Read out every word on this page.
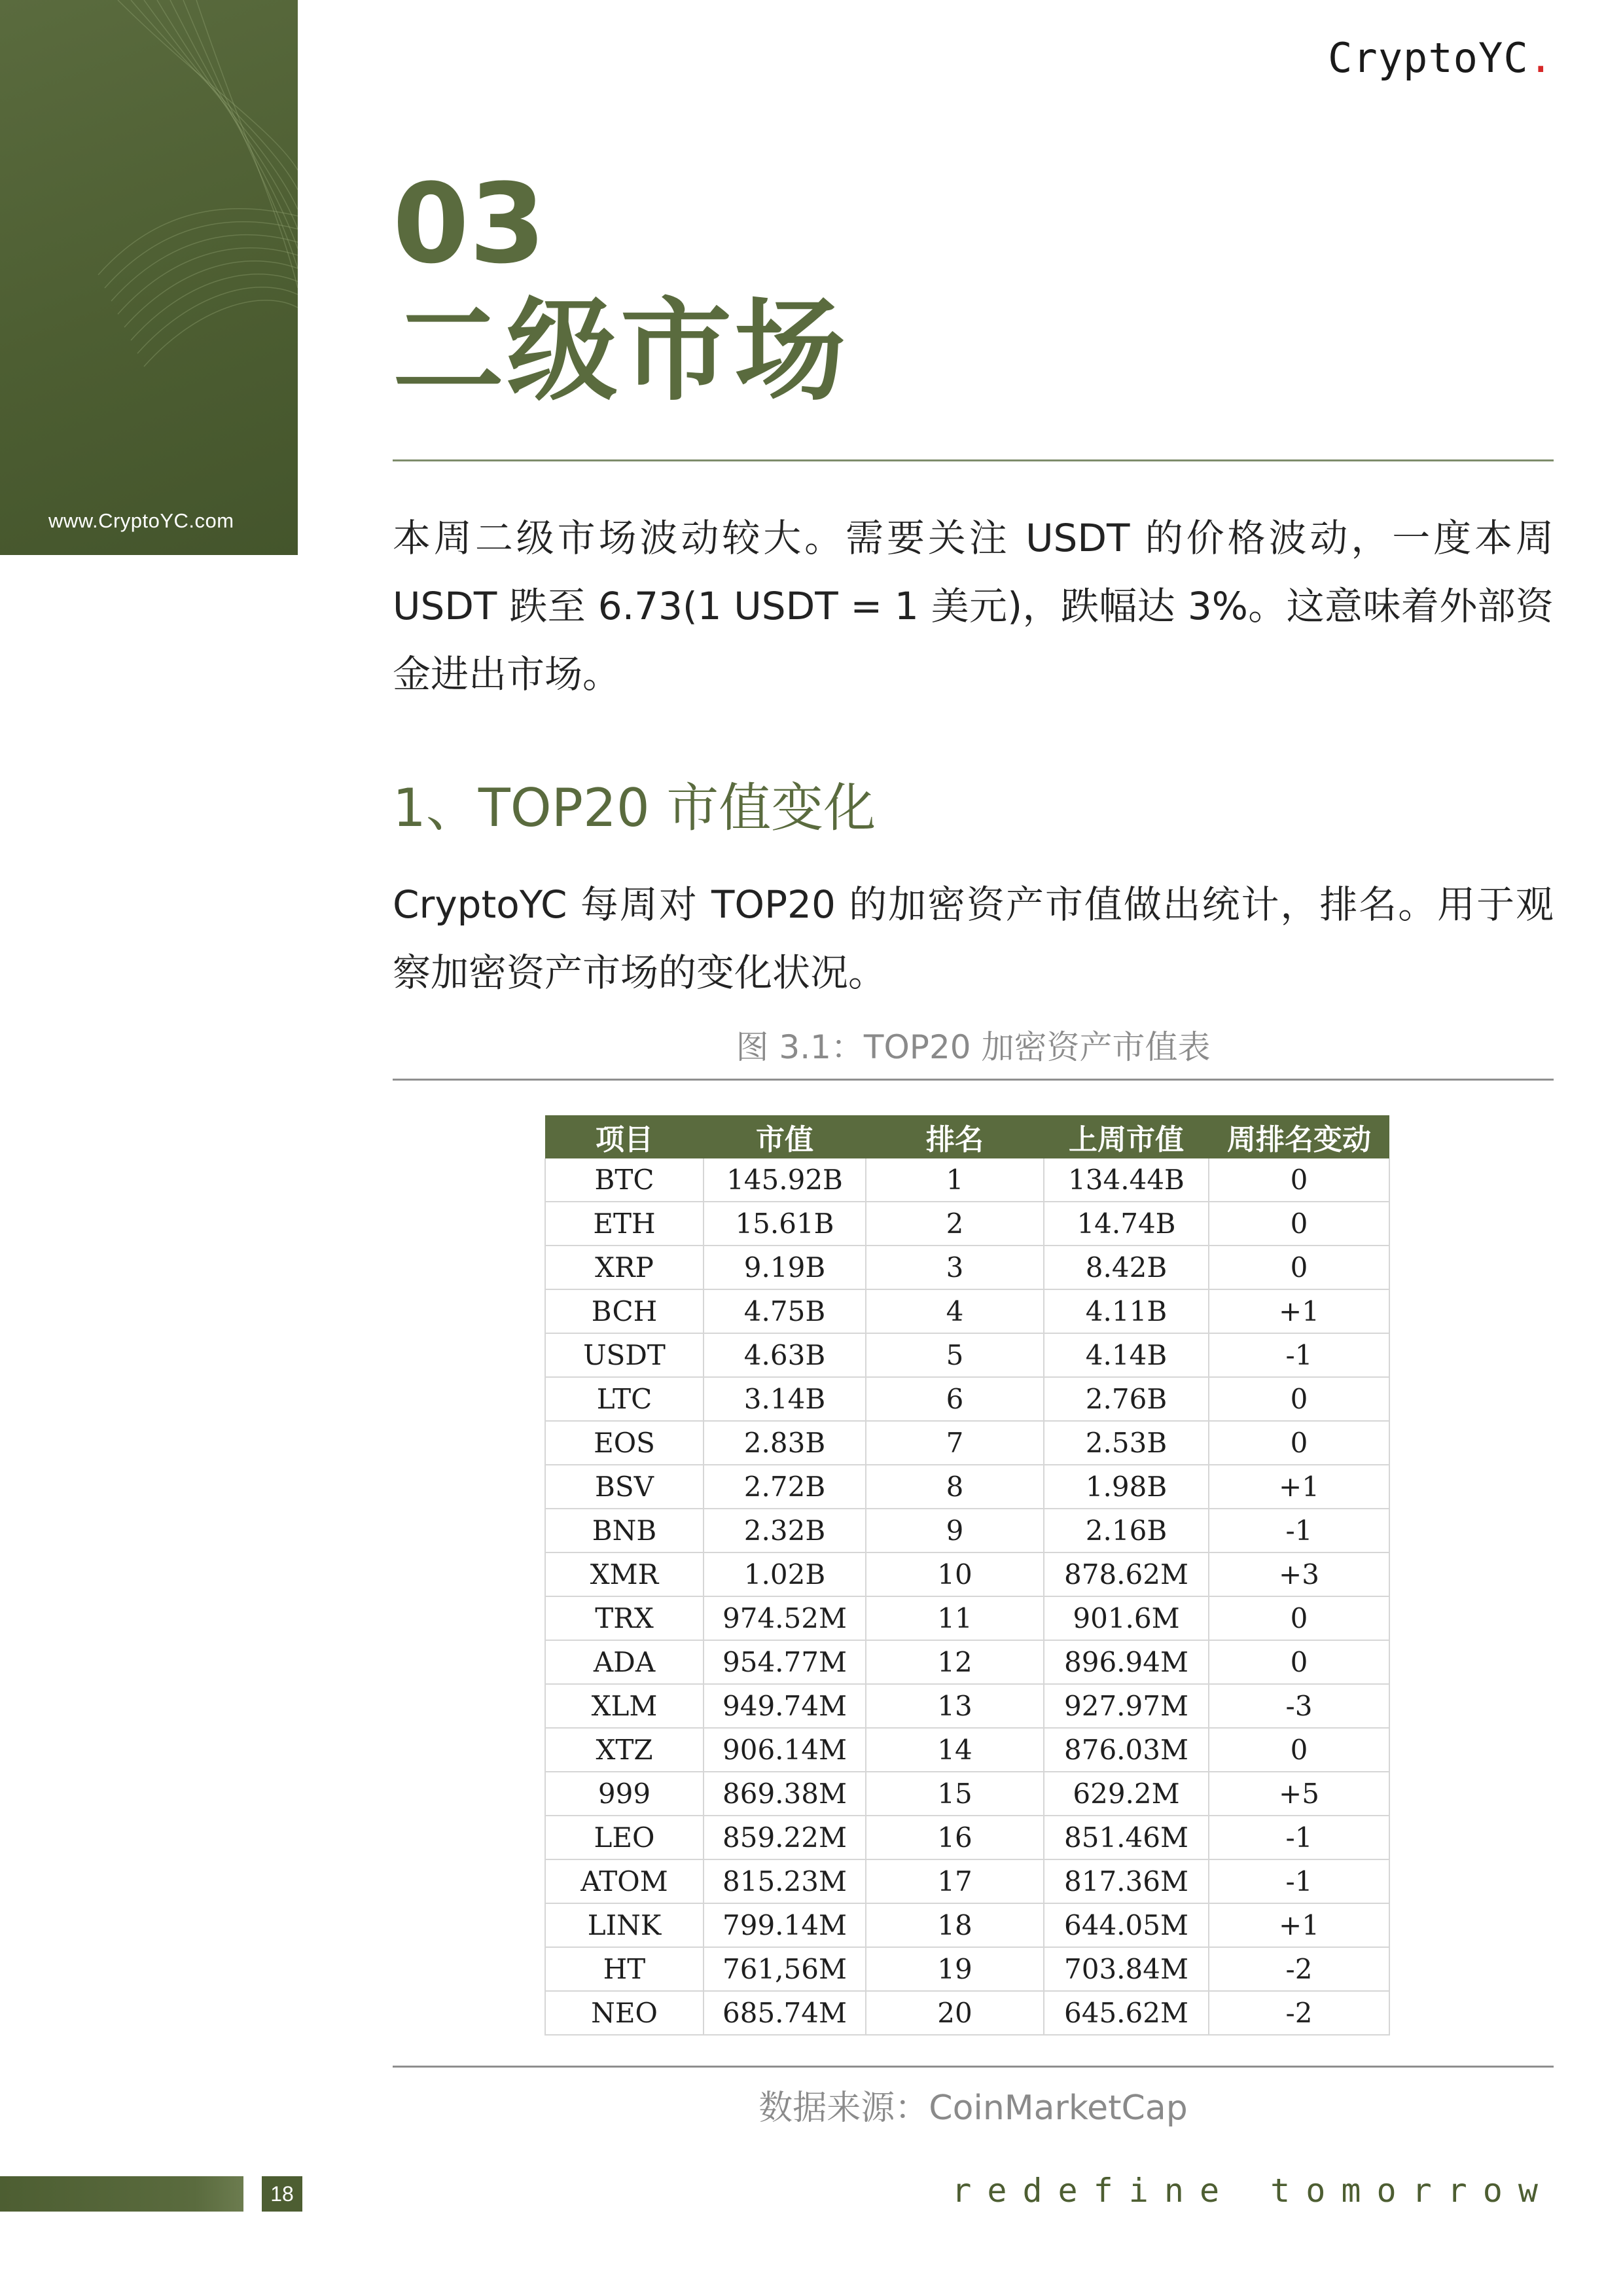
www.CryptoYC.com
CryptoYC.
03
二级市场
本周二级市场波动较大。需要关注 USDT 的价格波动，一度本周 USDT 跌至 6.73(1 USDT = 1 美元)，跌幅达 3%。这意味着外部资金进出市场。
1、TOP20 市值变化
CryptoYC 每周对 TOP20 的加密资产市值做出统计，排名。用于观察加密资产市场的变化状况。
图 3.1：TOP20 加密资产市值表
项目	市值	排名	上周市值	周排名变动
BTC	145.92B	1	134.44B	0
ETH	15.61B	2	14.74B	0
XRP	9.19B	3	8.42B	0
BCH	4.75B	4	4.11B	+1
USDT	4.63B	5	4.14B	-1
LTC	3.14B	6	2.76B	0
EOS	2.83B	7	2.53B	0
BSV	2.72B	8	1.98B	+1
BNB	2.32B	9	2.16B	-1
XMR	1.02B	10	878.62M	+3
TRX	974.52M	11	901.6M	0
ADA	954.77M	12	896.94M	0
XLM	949.74M	13	927.97M	-3
XTZ	906.14M	14	876.03M	0
999	869.38M	15	629.2M	+5
LEO	859.22M	16	851.46M	-1
ATOM	815.23M	17	817.36M	-1
LINK	799.14M	18	644.05M	+1
HT	761,56M	19	703.84M	-2
NEO	685.74M	20	645.62M	-2
数据来源：CoinMarketCap
18	redefine tomorrow
